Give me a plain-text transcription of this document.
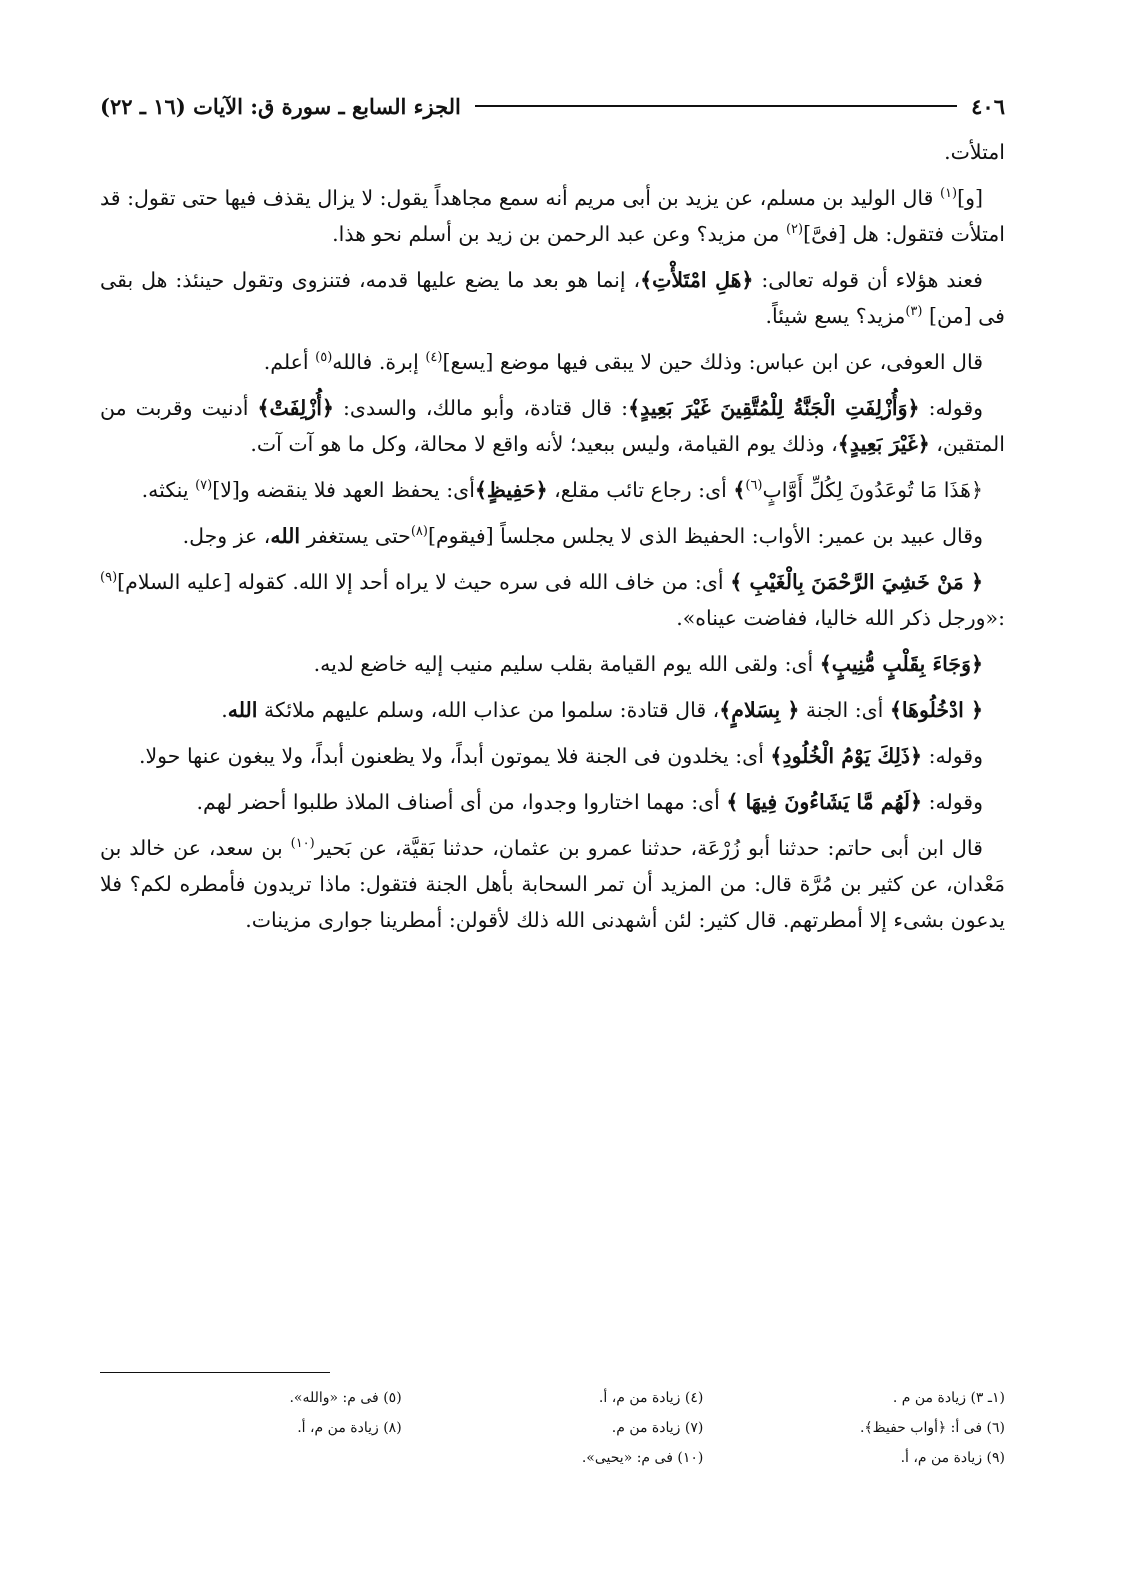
٤٠٦
الجزء السابع ـ سورة ق: الآيات (١٦ ـ ٢٢)

امتلأت.

[و]$^{(١)}$ قال الوليد بن مسلم، عن يزيد بن أبى مريم أنه سمع مجاهداً يقول: لا يزال يقذف فيها حتى تقول: قد امتلأت فتقول: هل [فىَّ]$^{(٢)}$ من مزيد؟ وعن عبد الرحمن بن زيد بن أسلم نحو هذا.

فعند هؤلاء أن قوله تعالى: ﴿هَلِ امْتَلأْتِ﴾، إنما هو بعد ما يضع عليها قدمه، فتنزوى وتقول حينئذ: هل بقى فى [من] $^{(٣)}$مزيد؟ يسع شيئاً.

قال العوفى، عن ابن عباس: وذلك حين لا يبقى فيها موضع [يسع]$^{(٤)}$ إبرة. فالله$^{(٥)}$ أعلم.

وقوله: ﴿وَأُزْلِفَتِ الْجَنَّةُ لِلْمُتَّقِينَ غَيْرَ بَعِيدٍ﴾: قال قتادة، وأبو مالك، والسدى: ﴿أُزْلِفَتْ﴾ أدنيت وقربت من المتقين، ﴿غَيْرَ بَعِيدٍ﴾، وذلك يوم القيامة، وليس ببعيد؛ لأنه واقع لا محالة، وكل ما هو آت آت.

﴿هَذَا مَا تُوعَدُونَ لِكُلِّ أَوَّابٍ$^{(٦)}$﴾ أى: رجاع تائب مقلع، ﴿حَفِيظٍ﴾أى: يحفظ العهد فلا ينقضه و[لا]$^{(٧)}$ ينكثه.

وقال عبيد بن عمير: الأواب: الحفيظ الذى لا يجلس مجلساً [فيقوم]$^{(٨)}$حتى يستغفر الله، عز وجل.

﴿ مَنْ خَشِيَ الرَّحْمَنَ بِالْغَيْبِ ﴾ أى: من خاف الله فى سره حيث لا يراه أحد إلا الله. كقوله [عليه السلام]$^{(٩)}$ :«ورجل ذكر الله خاليا، ففاضت عيناه».

﴿وَجَاءَ بِقَلْبٍ مُّنِيبٍ﴾ أى: ولقى الله يوم القيامة بقلب سليم منيب إليه خاضع لديه.

﴿ ادْخُلُوهَا﴾ أى: الجنة ﴿ بِسَلامٍ﴾، قال قتادة: سلموا من عذاب الله، وسلم عليهم ملائكة الله.

وقوله: ﴿ذَلِكَ يَوْمُ الْخُلُودِ﴾ أى: يخلدون فى الجنة فلا يموتون أبداً، ولا يظعنون أبداً، ولا يبغون عنها حولا.

وقوله: ﴿لَهُم مَّا يَشَاءُونَ فِيهَا ﴾ أى: مهما اختاروا وجدوا، من أى أصناف الملاذ طلبوا أحضر لهم.

قال ابن أبى حاتم: حدثنا أبو زُرْعَة، حدثنا عمرو بن عثمان، حدثنا بَقيَّة، عن بَحير$^{(١٠)}$ بن سعد، عن خالد بن مَعْدان، عن كثير بن مُرَّة قال: من المزيد أن تمر السحابة بأهل الجنة فتقول: ماذا تريدون فأمطره لكم؟ فلا يدعون بشىء إلا أمطرتهم. قال كثير: لئن أشهدنى الله ذلك لأقولن: أمطرينا جوارى مزينات.

(١ـ ٣) زيادة من م .
(٤) زيادة من م، أ.
(٥) فى م: «والله».
(٦) فى أ: ﴿أواب حفيظ﴾.
(٧) زيادة من م.
(٨) زيادة من م، أ.
(٩) زيادة من م، أ.
(١٠) فى م: «يحيى».
